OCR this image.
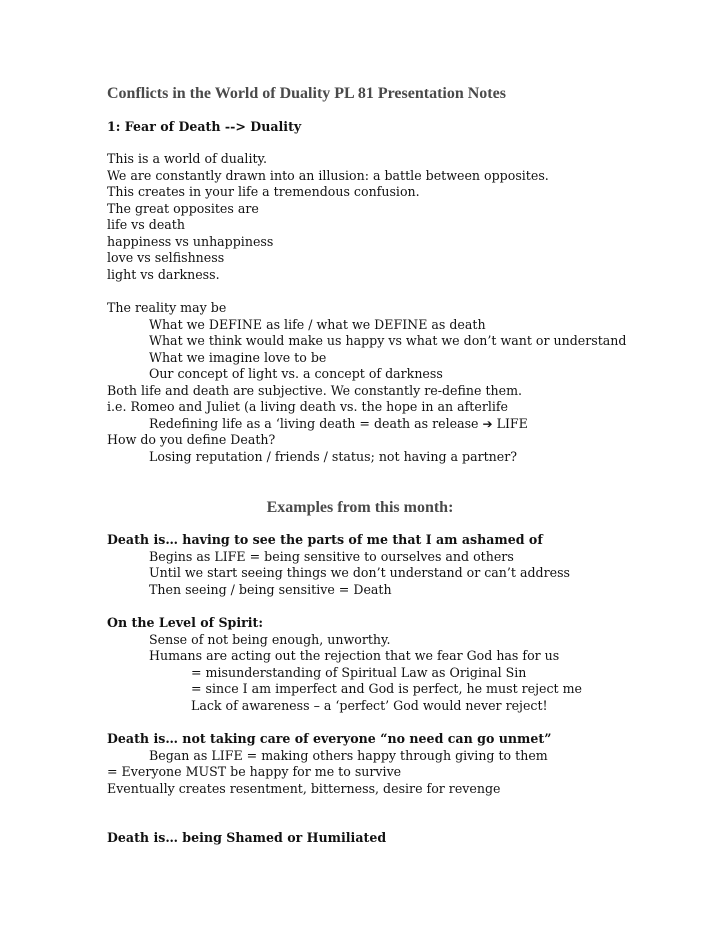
Conflicts in the World of Duality PL 81 Presentation Notes
1: Fear of Death --> Duality
This is a world of duality.
We are constantly drawn into an illusion: a battle between opposites.
This creates in your life a tremendous confusion.
The great opposites are
life vs death
happiness vs unhappiness
love vs selfishness
light vs darkness.
The reality may be
What we DEFINE as life / what we DEFINE as death
What we think would make us happy vs what we don’t want or understand
What we imagine love to be
Our concept of light vs. a concept of darkness
Both life and death are subjective. We constantly re-define them.
i.e. Romeo and Juliet (a living death vs. the hope in an afterlife
Redefining life as a ‘living death = death as release ➔ LIFE
How do you define Death?
Losing reputation / friends / status; not having a partner?
Examples from this month:
Death is… having to see the parts of me that I am ashamed of
Begins as LIFE = being sensitive to ourselves and others
Until we start seeing things we don’t understand or can’t address
Then seeing / being sensitive = Death
On the Level of Spirit:
Sense of not being enough, unworthy.
Humans are acting out the rejection that we fear God has for us
= misunderstanding of Spiritual Law as Original Sin
= since I am imperfect and God is perfect, he must reject me
Lack of awareness – a ‘perfect’ God would never reject!
Death is… not taking care of everyone “no need can go unmet”
Began as LIFE = making others happy through giving to them
= Everyone MUST be happy for me to survive
Eventually creates resentment, bitterness, desire for revenge
Death is… being Shamed or Humiliated
